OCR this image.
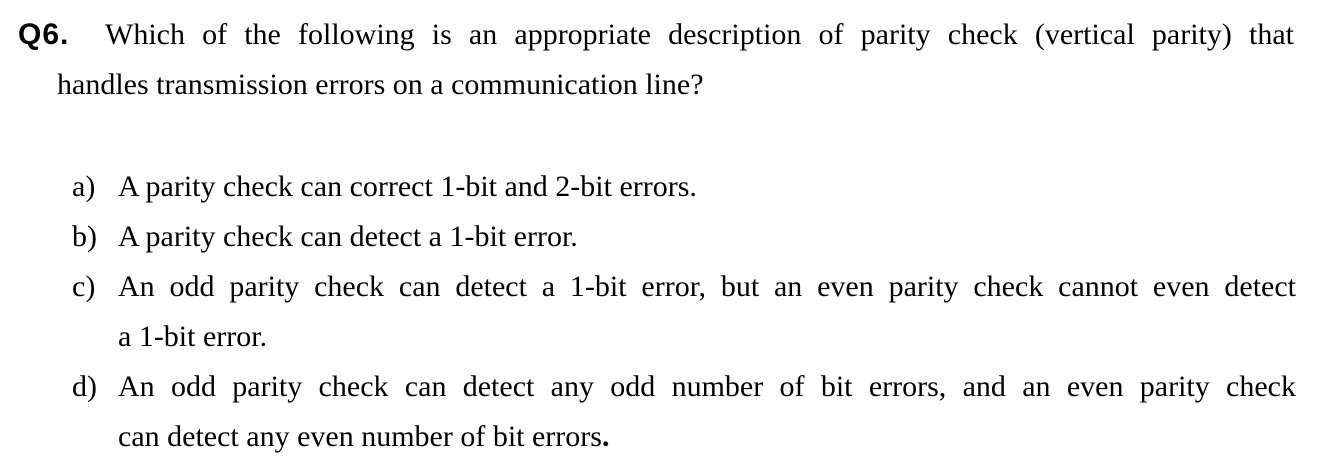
Q6. Which of the following is an appropriate description of parity check (vertical parity) that
handles transmission errors on a communication line?
a) A parity check can correct 1-bit and 2-bit errors.
b) A parity check can detect a 1-bit error.
c) An odd parity check can detect a 1-bit error, but an even parity check cannot even detect
a 1-bit error.
d) An odd parity check can detect any odd number of bit errors, and an even parity check
can detect any even number of bit errors.
